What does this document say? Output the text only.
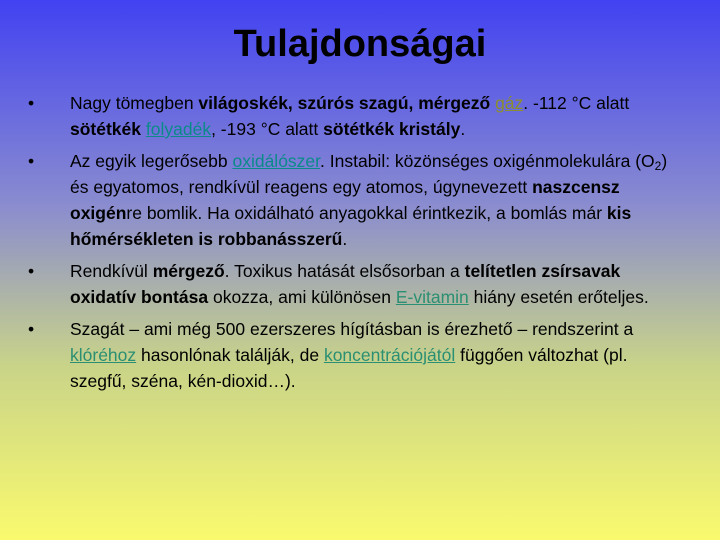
Tulajdonságai
• Nagy tömegben világoskék, szúrós szagú, mérgező gáz. -112 °C alatt sötétkék folyadék, -193 °C alatt sötétkék kristály.
• Az egyik legerősebb oxidálószer. Instabil: közönséges oxigénmolekulára $(O_2)$ és egyatomos, rendkívül reagens egy atomos, úgynevezett naszcensz oxigénre bomlik. Ha oxidálható anyagokkal érintkezik, a bomlás már kis hőmérsékleten is robbanásszerű.
• Rendkívül mérgező. Toxikus hatását elsősorban a telítetlen zsírsavak oxidatív bontása okozza, ami különösen E-vitamin hiány esetén erőteljes.
• Szagát – ami még 500 ezerszeres hígításban is érezhető – rendszerint a klóréhoz hasonlónak találják, de koncentrációjától függően változhat (pl. szegfű, széna, kén-dioxid…).
